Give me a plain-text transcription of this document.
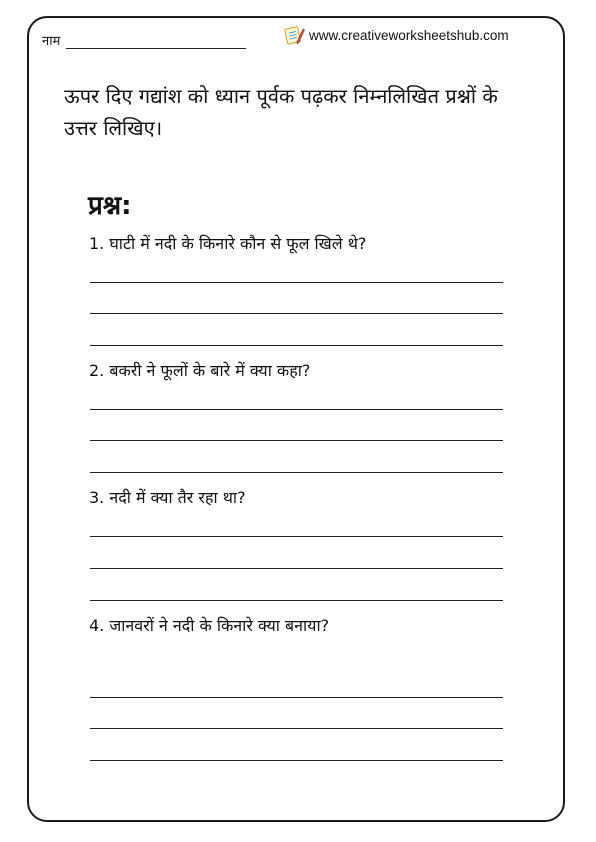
नाम	www.creativeworksheetshub.com
ऊपर दिए गद्यांश को ध्यान पूर्वक पढ़कर निम्नलिखित प्रश्नों के उत्तर लिखिए।
प्रश्न:
1. घाटी में नदी के किनारे कौन से फूल खिले थे?
2. बकरी ने फूलों के बारे में क्या कहा?
3. नदी में क्या तैर रहा था?
4. जानवरों ने नदी के किनारे क्या बनाया?
